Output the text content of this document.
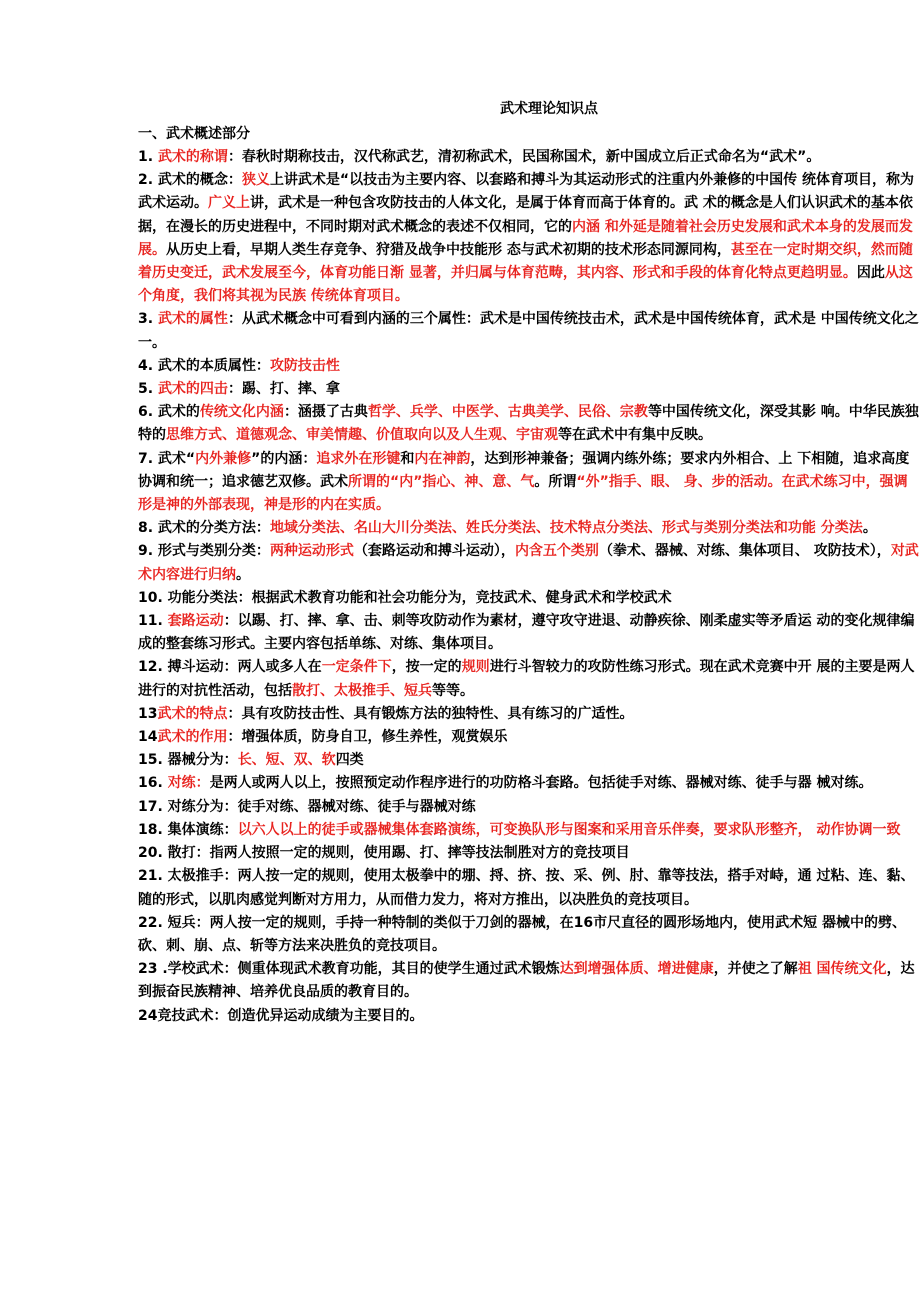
武术理论知识点
一、武术概述部分

1. 武术的称谓：春秋时期称技击，汉代称武艺，清初称武术，民国称国术，新中国成立后正式命名为“武术”。

2. 武术的概念：狭义上讲武术是“以技击为主要内容、以套路和搏斗为其运动形式的注重内外兼修的中国传 统体育项目，称为武术运动。广义上讲，武术是一种包含攻防技击的人体文化，是属于体育而高于体育的。武 术的概念是人们认识武术的基本依据，在漫长的历史进程中，不同时期对武术概念的表述不仅相同，它的内涵 和外延是随着社会历史发展和武术本身的发展而发展。从历史上看，早期人类生存竞争、狩猎及战争中技能形 态与武术初期的技术形态同源同构，甚至在一定时期交织，然而随着历史变迁，武术发展至今，体育功能日渐 显著，并归属与体育范畴，其内容、形式和手段的体育化特点更趋明显。因此从这个角度，我们将其视为民族 传统体育项目。

3. 武术的属性：从武术概念中可看到内涵的三个属性：武术是中国传统技击术，武术是中国传统体育，武术是 中国传统文化之一。

4. 武术的本质属性：攻防技击性

5. 武术的四击：踢、打、摔、拿

6. 武术的传统文化内涵：涵摄了古典哲学、兵学、中医学、古典美学、民俗、宗教等中国传统文化，深受其影 响。中华民族独特的思维方式、道德观念、审美情趣、价值取向以及人生观、宇宙观等在武术中有集中反映。

7. 武术“内外兼修”的内涵：追求外在形键和内在神韵，达到形神兼备；强调内练外练；要求内外相合、上 下相随，追求高度协调和统一；追求德艺双修。武术所谓的“内”指心、神、意、气。所谓“外”指手、眼、 身、步的活动。在武术练习中，强调形是神的外部表现，神是形的内在实质。

8. 武术的分类方法：地域分类法、名山大川分类法、姓氏分类法、技术特点分类法、形式与类别分类法和功能 分类法。

9. 形式与类别分类：两种运动形式（套路运动和搏斗运动），内含五个类别（拳术、器械、对练、集体项目、 攻防技术），对武术内容进行归纳。

10. 功能分类法：根据武术教育功能和社会功能分为，竞技武术、健身武术和学校武术

11. 套路运动：以踢、打、摔、拿、击、刺等攻防动作为素材，遵守攻守进退、动静疾徐、刚柔虚实等矛盾运 动的变化规律编成的整套练习形式。主要内容包括单练、对练、集体项目。

12. 搏斗运动：两人或多人在一定条件下，按一定的规则进行斗智较力的攻防性练习形式。现在武术竞赛中开 展的主要是两人进行的对抗性活动，包括散打、太极推手、短兵等等。

13武术的特点：具有攻防技击性、具有锻炼方法的独特性、具有练习的广适性。

14武术的作用：增强体质，防身自卫，修生养性，观赏娱乐

15. 器械分为：长、短、双、软四类

16. 对练：是两人或两人以上，按照预定动作程序进行的功防格斗套路。包括徒手对练、器械对练、徒手与器 械对练。

17. 对练分为：徒手对练、器械对练、徒手与器械对练

18. 集体演练：以六人以上的徒手或器械集体套路演练，可变换队形与图案和采用音乐伴奏，要求队形整齐， 动作协调一致

20. 散打：指两人按照一定的规则，使用踢、打、摔等技法制胜对方的竞技项目

21. 太极推手：两人按一定的规则，使用太极拳中的堋、捋、挤、按、采、例、肘、靠等技法，搭手对峙，通 过粘、连、黏、随的形式，以肌肉感觉判断对方用力，从而借力发力，将对方推出，以决胜负的竞技项目。

22. 短兵：两人按一定的规则，手持一种特制的类似于刀剑的器械，在16市尺直径的圆形场地内，使用武术短 器械中的劈、砍、刺、崩、点、斩等方法来决胜负的竞技项目。

23 .学校武术：侧重体现武术教育功能，其目的使学生通过武术锻炼达到增强体质、增进健康，并使之了解祖 国传统文化，达到振奋民族精神、培养优良品质的教育目的。

24竞技武术：创造优异运动成绩为主要目的。
